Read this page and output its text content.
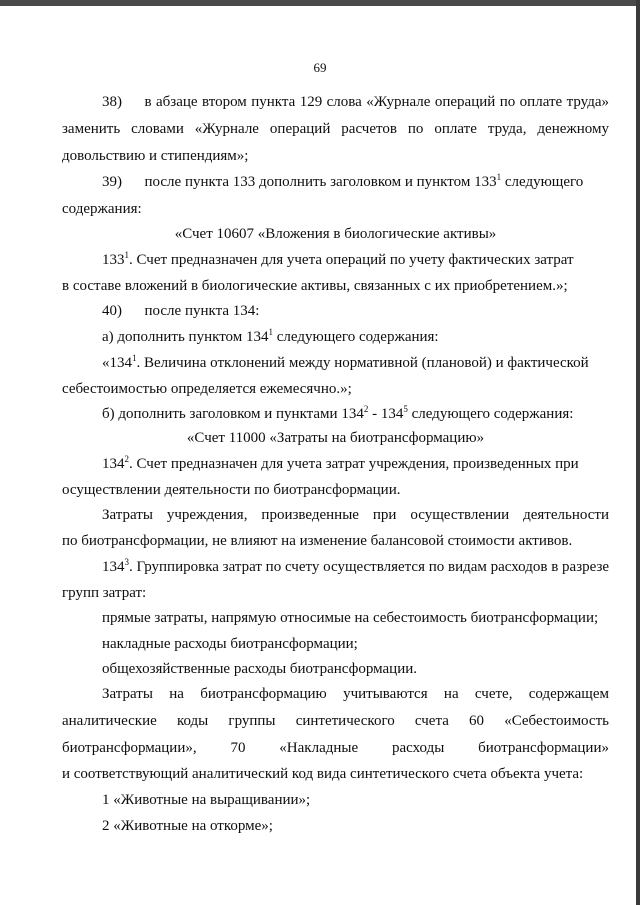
69
38)  в абзаце втором пункта 129 слова «Журнале операций по оплате труда»
заменить словами «Журнале операций расчетов по оплате труда, денежному
довольствию и стипендиям»;
39)  после пункта 133 дополнить заголовком и пунктом $133^1$ следующего
содержания:
«Счет 10607 «Вложения в биологические активы»
$133^1$. Счет предназначен для учета операций по учету фактических затрат
в составе вложений в биологические активы, связанных с их приобретением.»;
40)  после пункта 134:
а) дополнить пунктом $134^1$ следующего содержания:
«$134^1$. Величина отклонений между нормативной (плановой) и фактической
себестоимостью определяется ежемесячно.»;
б) дополнить заголовком и пунктами $134^2 - 134^5$ следующего содержания:
«Счет 11000 «Затраты на биотрансформацию»
$134^2$. Счет предназначен для учета затрат учреждения, произведенных при
осуществлении деятельности по биотрансформации.
Затраты учреждения, произведенные при осуществлении деятельности
по биотрансформации, не влияют на изменение балансовой стоимости активов.
$134^3$. Группировка затрат по счету осуществляется по видам расходов в разрезе
групп затрат:
прямые затраты, напрямую относимые на себестоимость биотрансформации;
накладные расходы биотрансформации;
общехозяйственные расходы биотрансформации.
Затраты на биотрансформацию учитываются на счете, содержащем
аналитические коды группы синтетического счета 60 «Себестоимость
биотрансформации», 70 «Накладные расходы биотрансформации»
и соответствующий аналитический код вида синтетического счета объекта учета:
1 «Животные на выращивании»;
2 «Животные на откорме»;
